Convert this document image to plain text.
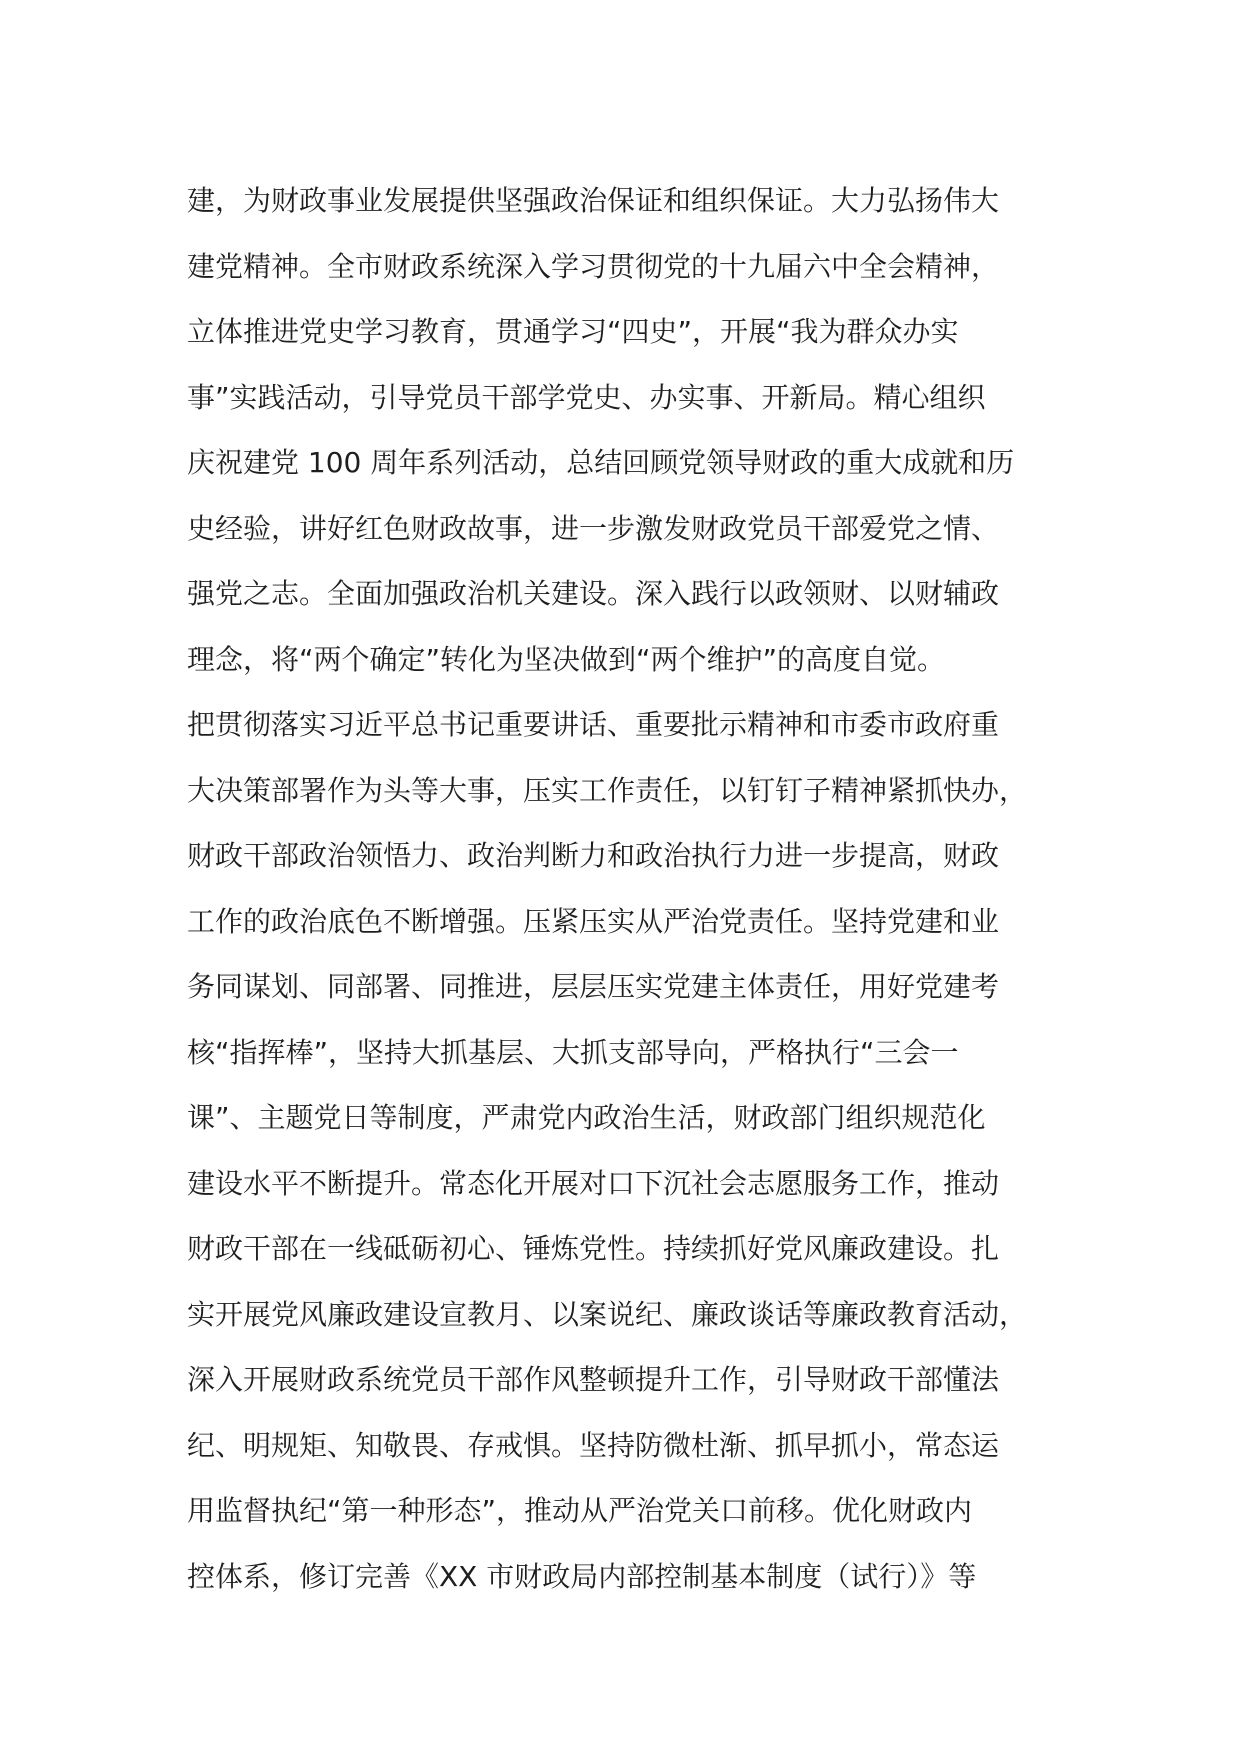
建，为财政事业发展提供坚强政治保证和组织保证。大力弘扬伟大
建党精神。全市财政系统深入学习贯彻党的十九届六中全会精神，
立体推进党史学习教育，贯通学习“四史”，开展“我为群众办实
事”实践活动，引导党员干部学党史、办实事、开新局。精心组织
庆祝建党 100 周年系列活动，总结回顾党领导财政的重大成就和历
史经验，讲好红色财政故事，进一步激发财政党员干部爱党之情、
强党之志。全面加强政治机关建设。深入践行以政领财、以财辅政
理念，将“两个确定”转化为坚决做到“两个维护”的高度自觉。
把贯彻落实习近平总书记重要讲话、重要批示精神和市委市政府重
大决策部署作为头等大事，压实工作责任，以钉钉子精神紧抓快办，
财政干部政治领悟力、政治判断力和政治执行力进一步提高，财政
工作的政治底色不断增强。压紧压实从严治党责任。坚持党建和业
务同谋划、同部署、同推进，层层压实党建主体责任，用好党建考
核“指挥棒”，坚持大抓基层、大抓支部导向，严格执行“三会一
课”、主题党日等制度，严肃党内政治生活，财政部门组织规范化
建设水平不断提升。常态化开展对口下沉社会志愿服务工作，推动
财政干部在一线砥砺初心、锤炼党性。持续抓好党风廉政建设。扎
实开展党风廉政建设宣教月、以案说纪、廉政谈话等廉政教育活动，
深入开展财政系统党员干部作风整顿提升工作，引导财政干部懂法
纪、明规矩、知敬畏、存戒惧。坚持防微杜渐、抓早抓小，常态运
用监督执纪“第一种形态”，推动从严治党关口前移。优化财政内
控体系，修订完善《XX 市财政局内部控制基本制度（试行）》等
